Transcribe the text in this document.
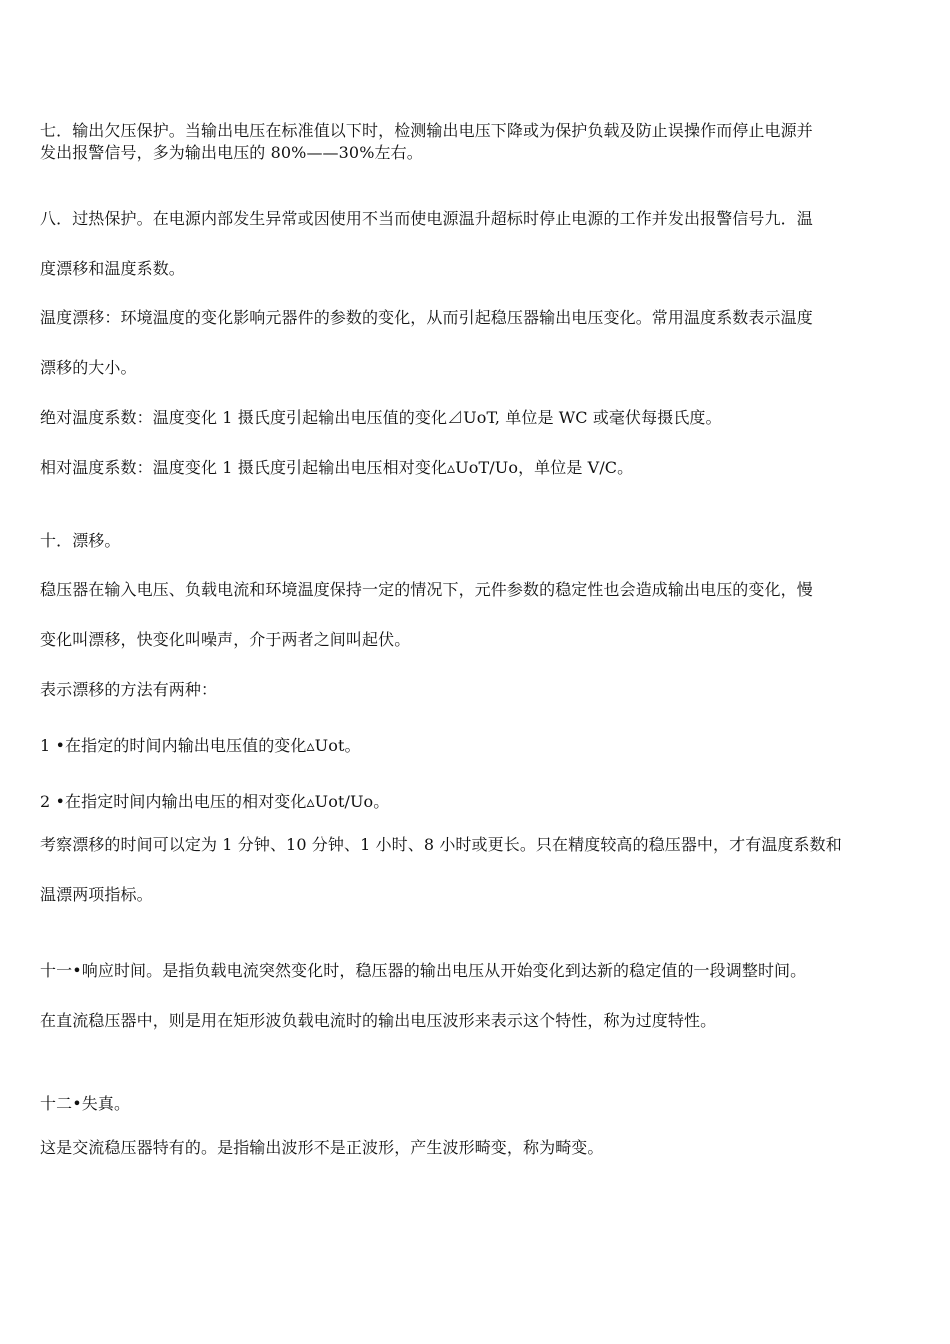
七．输出欠压保护。当输出电压在标准值以下时，检测输出电压下降或为保护负载及防止误操作而停止电源并
发出报警信号，多为输出电压的 80%——30%左右。
八．过热保护。在电源内部发生异常或因使用不当而使电源温升超标时停止电源的工作并发出报警信号九．温
度漂移和温度系数。
温度漂移：环境温度的变化影响元器件的参数的变化，从而引起稳压器输出电压变化。常用温度系数表示温度
漂移的大小。
绝对温度系数：温度变化 1 摄氏度引起输出电压值的变化⊿UoT, 单位是 WC 或毫伏每摄氏度。
相对温度系数：温度变化 1 摄氏度引起输出电压相对变化▵UoT/Uo，单位是 V/C。
十．漂移。
稳压器在输入电压、负载电流和环境温度保持一定的情况下，元件参数的稳定性也会造成输出电压的变化，慢
变化叫漂移，快变化叫噪声，介于两者之间叫起伏。
表示漂移的方法有两种：
1 •在指定的时间内输出电压值的变化▵Uot。
2 •在指定时间内输出电压的相对变化▵Uot/Uo。
考察漂移的时间可以定为 1 分钟、10 分钟、1 小时、8 小时或更长。只在精度较高的稳压器中，才有温度系数和
温漂两项指标。
十一•响应时间。是指负载电流突然变化时，稳压器的输出电压从开始变化到达新的稳定值的一段调整时间。
在直流稳压器中，则是用在矩形波负载电流时的输出电压波形来表示这个特性，称为过度特性。
十二•失真。
这是交流稳压器特有的。是指输出波形不是正波形，产生波形畸变，称为畸变。
